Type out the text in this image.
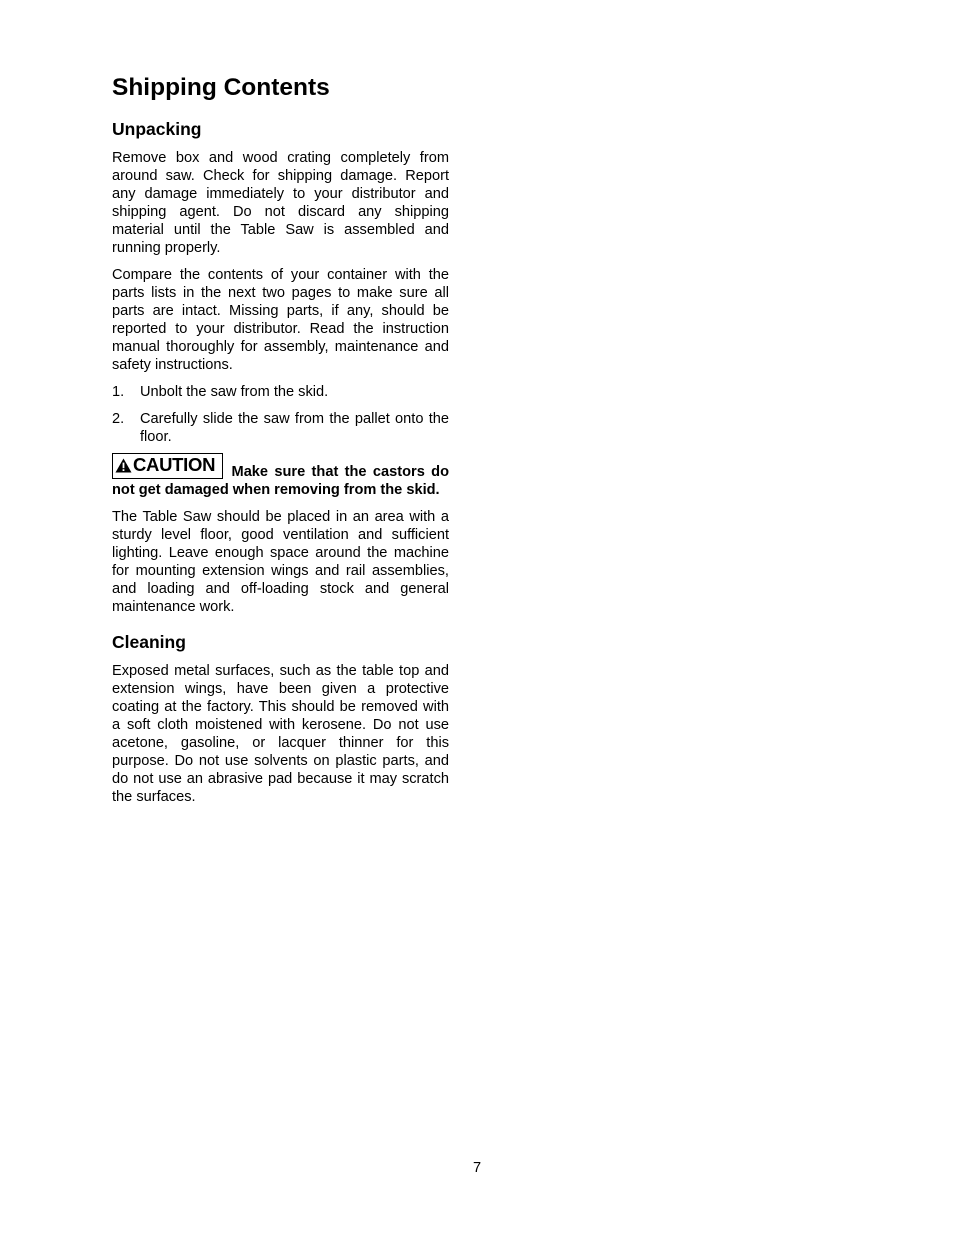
Shipping Contents
Unpacking

Remove box and wood crating completely from around saw. Check for shipping damage. Report any damage immediately to your distributor and shipping agent. Do not discard any shipping material until the Table Saw is assembled and running properly.

Compare the contents of your container with the parts lists in the next two pages to make sure all parts are intact. Missing parts, if any, should be reported to your distributor. Read the instruction manual thoroughly for assembly, maintenance and safety instructions.

1. Unbolt the saw from the skid.
2. Carefully slide the saw from the pallet onto the floor.
CAUTION Make sure that the castors do not get damaged when removing from the skid.

The Table Saw should be placed in an area with a sturdy level floor, good ventilation and sufficient lighting. Leave enough space around the machine for mounting extension wings and rail assemblies, and loading and off-loading stock and general maintenance work.

Cleaning

Exposed metal surfaces, such as the table top and extension wings, have been given a protective coating at the factory. This should be removed with a soft cloth moistened with kerosene. Do not use acetone, gasoline, or lacquer thinner for this purpose. Do not use solvents on plastic parts, and do not use an abrasive pad because it may scratch the surfaces.

7
